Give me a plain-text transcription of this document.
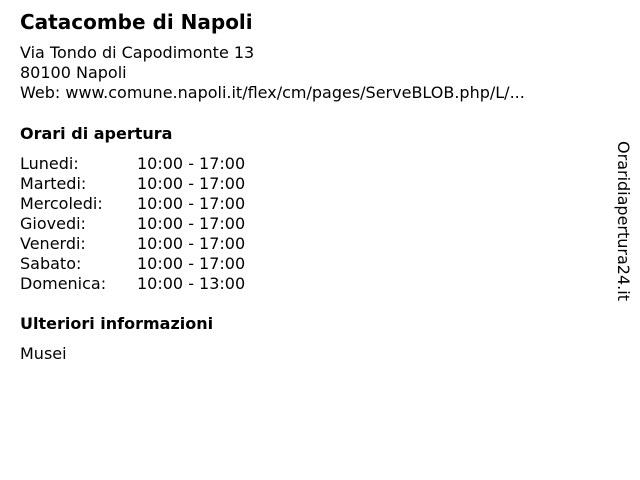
Catacombe di Napoli
Via Tondo di Capodimonte 13
80100 Napoli
Web: www.comune.napoli.it/flex/cm/pages/ServeBLOB.php/L/...
Orari di apertura
Lunedi:	10:00 - 17:00
Martedi:	10:00 - 17:00
Mercoledi:	10:00 - 17:00
Giovedi:	10:00 - 17:00
Venerdi:	10:00 - 17:00
Sabato:	10:00 - 17:00
Domenica:	10:00 - 13:00
Ulteriori informazioni
Musei
Oraridiapertura24.it
